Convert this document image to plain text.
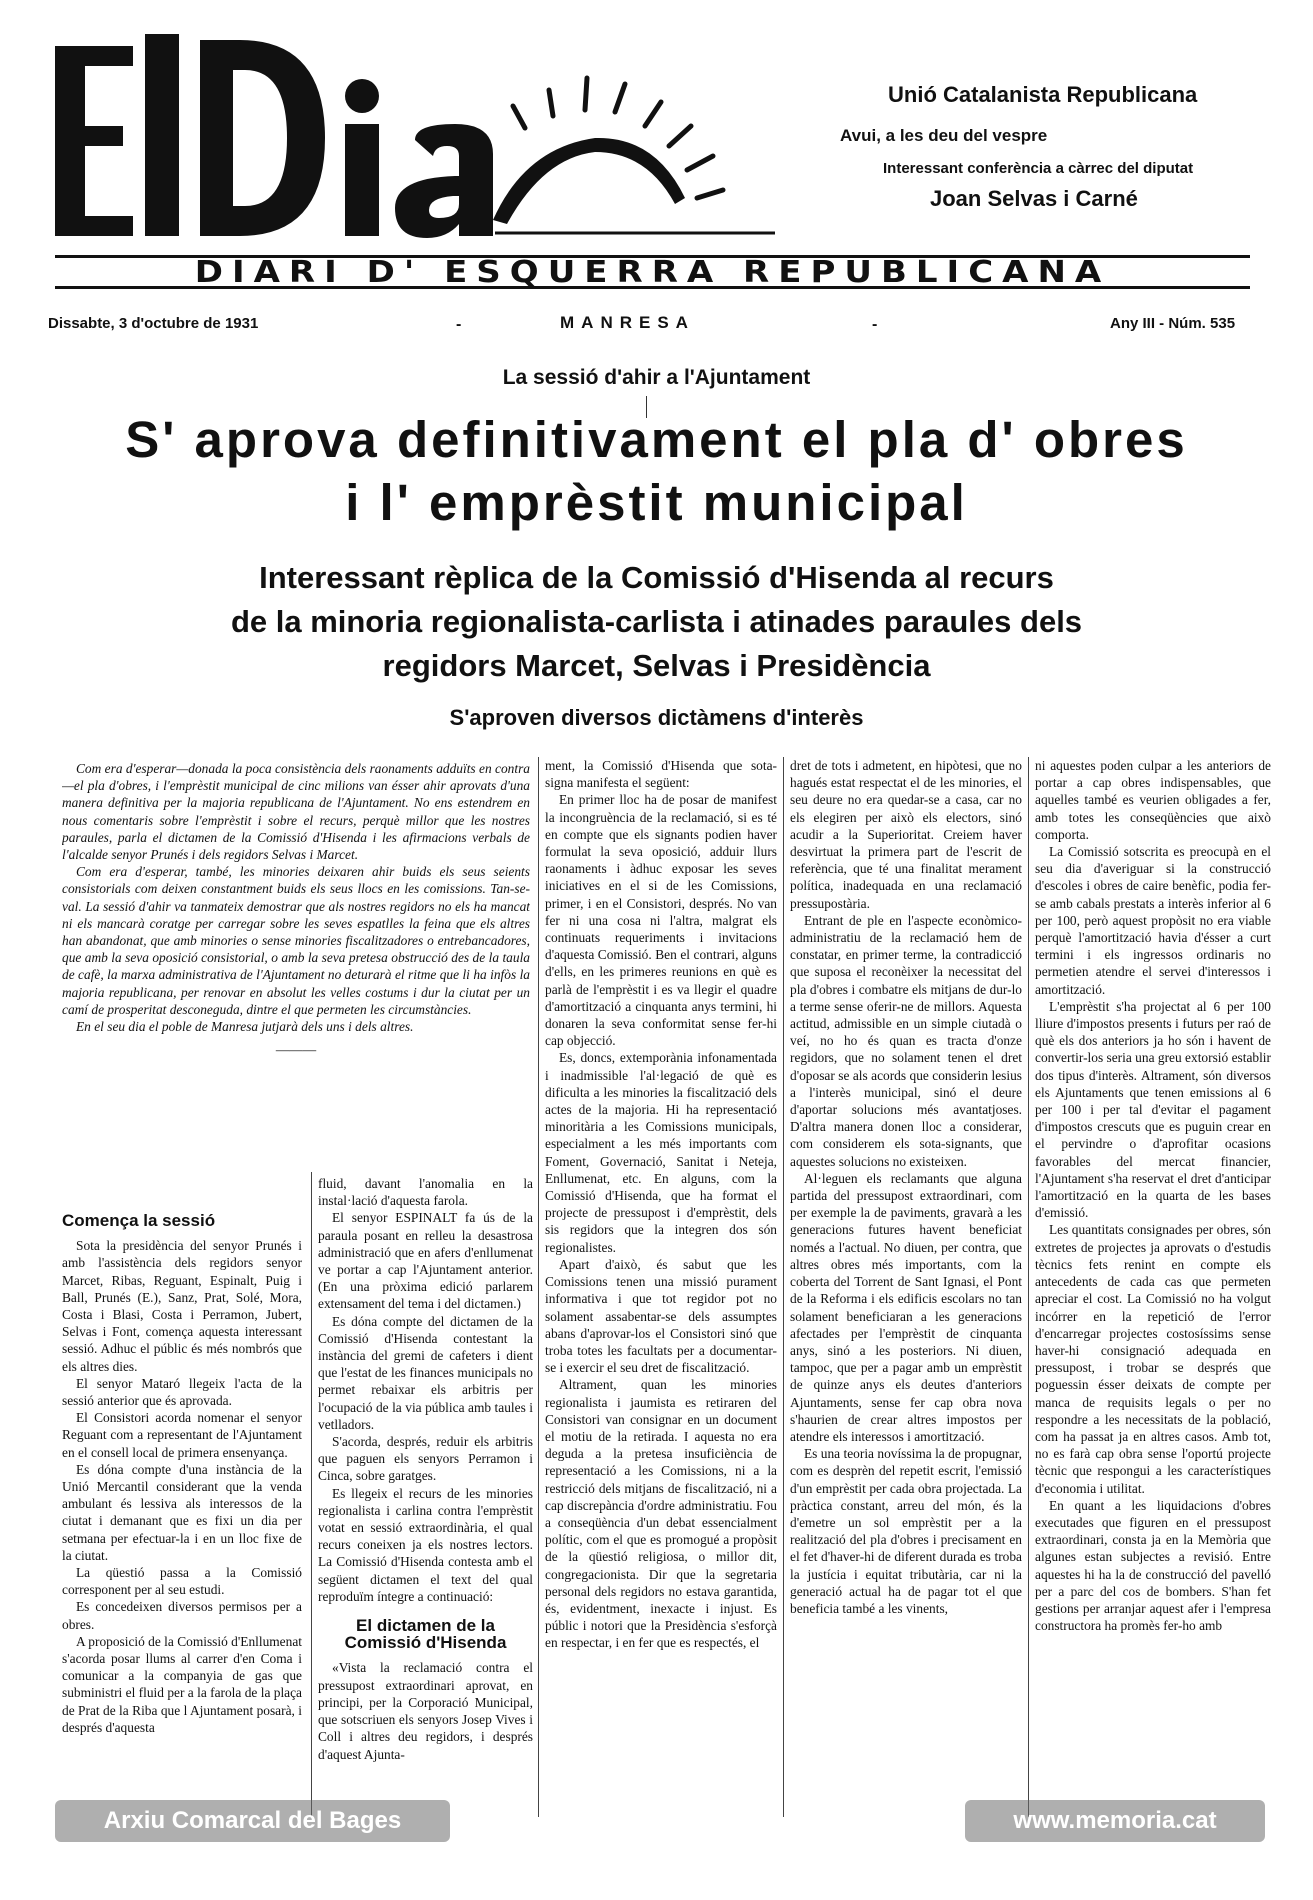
Unió Catalanista Republicana
Avui, a les deu del vespre
Interessant conferència a càrrec del diputat
Joan Selvas i Carné
DIARI D' ESQUERRA REPUBLICANA
Dissabte, 3 d'octubre de 1931	-	MANRESA	-	Any III - Núm. 535
La sessió d'ahir a l'Ajuntament
S' aprova definitivament el pla d' obres
i l' emprèstit municipal
Interessant rèplica de la Comissió d'Hisenda al recurs
de la minoria regionalista-carlista i atinades paraules dels
regidors Marcet, Selvas i Presidència
S'aproven diversos dictàmens d'interès

Com era d'esperar—donada la poca consistència dels raonaments adduïts en contra—el pla d'obres, i l'emprèstit municipal de cinc milions van ésser ahir aprovats d'una manera definitiva per la majoria republicana de l'Ajuntament. No ens estendrem en nous comentaris sobre l'emprèstit i sobre el recurs, perquè millor que les nostres paraules, parla el dictamen de la Comissió d'Hisenda i les afirmacions verbals de l'alcalde senyor Prunés i dels regidors Selvas i Marcet.

Com era d'esperar, també, les minories deixaren ahir buids els seus seients consistorials com deixen constantment buids els seus llocs en les comissions. Tan-se-val. La sessió d'ahir va tanmateix demostrar que als nostres regidors no els ha mancat ni els mancarà coratge per carregar sobre les seves espatlles la feina que els altres han abandonat, que amb minories o sense minories fiscalitzadores o entrebancadores, que amb la seva oposició consistorial, o amb la seva pretesa obstrucció des de la taula de cafè, la marxa administrativa de l'Ajuntament no deturarà el ritme que li ha infòs la majoria republicana, per renovar en absolut les velles costums i dur la ciutat per un camí de prosperitat desconeguda, dintre el que permeten les circumstàncies.

En el seu dia el poble de Manresa jutjarà dels uns i dels altres.

———
Comença la sessió

Sota la presidència del senyor Prunés i amb l'assistència dels regidors senyor Marcet, Ribas, Reguant, Espinalt, Puig i Ball, Prunés (E.), Sanz, Prat, Solé, Mora, Costa i Blasi, Costa i Perramon, Jubert, Selvas i Font, comença aquesta interessant sessió. Adhuc el públic és més nombrós que els altres dies.

El senyor Mataró llegeix l'acta de la sessió anterior que és aprovada.

El Consistori acorda nomenar el senyor Reguant com a representant de l'Ajuntament en el consell local de primera ensenyança.

Es dóna compte d'una instància de la Unió Mercantil considerant que la venda ambulant és lessiva als interessos de la ciutat i demanant que es fixi un dia per setmana per efectuar-la i en un lloc fixe de la ciutat.

La qüestió passa a la Comissió corresponent per al seu estudi.

Es concedeixen diversos permisos per a obres.

A proposició de la Comissió d'Enllumenat s'acorda posar llums al carrer d'en Coma i comunicar a la companyia de gas que subministri el fluid per a la farola de la plaça de Prat de la Riba que l Ajuntament posarà, i després d'aquesta

fluid, davant l'anomalia en la instal·lació d'aquesta farola.

El senyor ESPINALT fa ús de la paraula posant en relleu la desastrosa administració que en afers d'enllumenat ve portar a cap l'Ajuntament anterior. (En una pròxima edició parlarem extensament del tema i del dictamen.)

Es dóna compte del dictamen de la Comissió d'Hisenda contestant la instància del gremi de cafeters i dient que l'estat de les finances municipals no permet rebaixar els arbitris per l'ocupació de la via pública amb taules i vetlladors.

S'acorda, després, reduir els arbitris que paguen els senyors Perramon i Cinca, sobre garatges.

Es llegeix el recurs de les minories regionalista i carlina contra l'emprèstit votat en sessió extraordinària, el qual recurs coneixen ja els nostres lectors. La Comissió d'Hisenda contesta amb el següent dictamen el text del qual reproduïm íntegre a continuació:

El dictamen de la Comissió d'Hisenda

«Vista la reclamació contra el pressupost extraordinari aprovat, en principi, per la Corporació Municipal, que sotscriuen els senyors Josep Vives i Coll i altres deu regidors, i després d'aquest Ajunta-

ment, la Comissió d'Hisenda que sota-signa manifesta el següent:

En primer lloc ha de posar de manifest la incongruència de la reclamació, si es té en compte que els signants podien haver formulat la seva oposició, adduir llurs raonaments i àdhuc exposar les seves iniciatives en el si de les Comissions, primer, i en el Consistori, després. No van fer ni una cosa ni l'altra, malgrat els continuats requeriments i invitacions d'aquesta Comissió. Ben el contrari, alguns d'ells, en les primeres reunions en què es parlà de l'emprèstit i es va llegir el quadre d'amortització a cinquanta anys termini, hi donaren la seva conformitat sense fer-hi cap objecció.

Es, doncs, extemporània infonamentada i inadmissible l'al·legació de què es dificulta a les minories la fiscalització dels actes de la majoria. Hi ha representació minoritària a les Comissions municipals, especialment a les més importants com Foment, Governació, Sanitat i Neteja, Enllumenat, etc. En alguns, com la Comissió d'Hisenda, que ha format el projecte de pressupost i d'emprèstit, dels sis regidors que la integren dos són regionalistes.

Apart d'això, és sabut que les Comissions tenen una missió purament informativa i que tot regidor pot no solament assabentar-se dels assumptes abans d'aprovar-los el Consistori sinó que troba totes les facultats per a documentar-se i exercir el seu dret de fiscalització.

Altrament, quan les minories regionalista i jaumista es retiraren del Consistori van consignar en un document el motiu de la retirada. I aquesta no era deguda a la pretesa insuficiència de representació a les Comissions, ni a la restricció dels mitjans de fiscalització, ni a cap discrepància d'ordre administratiu. Fou a conseqüència d'un debat essencialment polític, com el que es promogué a propòsit de la qüestió religiosa, o millor dit, congregacionista. Dir que la segretaria personal dels regidors no estava garantida, és, evidentment, inexacte i injust. Es públic i notori que la Presidència s'esforçà en respectar, i en fer que es respectés, el

dret de tots i admetent, en hipòtesi, que no hagués estat respectat el de les minories, el seu deure no era quedar-se a casa, car no els elegiren per això els electors, sinó acudir a la Superioritat. Creiem haver desvirtuat la primera part de l'escrit de referència, que té una finalitat merament política, inadequada en una reclamació pressupostària.

Entrant de ple en l'aspecte econòmico-administratiu de la reclamació hem de constatar, en primer terme, la contradicció que suposa el reconèixer la necessitat del pla d'obres i combatre els mitjans de dur-lo a terme sense oferir-ne de millors. Aquesta actitud, admissible en un simple ciutadà o veí, no ho és quan es tracta d'onze regidors, que no solament tenen el dret d'oposar se als acords que considerin lesius a l'interès municipal, sinó el deure d'aportar solucions més avantatjoses. D'altra manera donen lloc a considerar, com considerem els sota-signants, que aquestes solucions no existeixen.

Al·leguen els reclamants que alguna partida del pressupost extraordinari, com per exemple la de paviments, gravarà a les generacions futures havent beneficiat només a l'actual. No diuen, per contra, que altres obres més importants, com la coberta del Torrent de Sant Ignasi, el Pont de la Reforma i els edificis escolars no tan solament beneficiaran a les generacions afectades per l'emprèstit de cinquanta anys, sinó a les posteriors. Ni diuen, tampoc, que per a pagar amb un emprèstit de quinze anys els deutes d'anteriors Ajuntaments, sense fer cap obra nova s'haurien de crear altres impostos per atendre els interessos i amortització.

Es una teoria novíssima la de propugnar, com es desprèn del repetit escrit, l'emissió d'un emprèstit per cada obra projectada. La pràctica constant, arreu del món, és la d'emetre un sol emprèstit per a la realització del pla d'obres i precisament en el fet d'haver-hi de diferent durada es troba la justícia i equitat tributària, car ni la generació actual ha de pagar tot el que beneficia també a les vinents,

ni aquestes poden culpar a les anteriors de portar a cap obres indispensables, que aquelles també es veurien obligades a fer, amb totes les conseqüències que això comporta.

La Comissió sotscrita es preocupà en el seu dia d'averiguar si la construcció d'escoles i obres de caire benèfic, podia fer-se amb cabals prestats a interès inferior al 6 per 100, però aquest propòsit no era viable perquè l'amortització havia d'ésser a curt termini i els ingressos ordinaris no permetien atendre el servei d'interessos i amortització.

L'emprèstit s'ha projectat al 6 per 100 lliure d'impostos presents i futurs per raó de què els dos anteriors ja ho són i havent de convertir-los seria una greu extorsió establir dos tipus d'interès. Altrament, són diversos els Ajuntaments que tenen emissions al 6 per 100 i per tal d'evitar el pagament d'impostos crescuts que es puguin crear en el pervindre o d'aprofitar ocasions favorables del mercat financier, l'Ajuntament s'ha reservat el dret d'anticipar l'amortització en la quarta de les bases d'emissió.

Les quantitats consignades per obres, són extretes de projectes ja aprovats o d'estudis tècnics fets renint en compte els antecedents de cada cas que permeten apreciar el cost. La Comissió no ha volgut incórrer en la repetició de l'error d'encarregar projectes costosíssims sense haver-hi consignació adequada en pressupost, i trobar se després que poguessin ésser deixats de compte per manca de requisits legals o per no respondre a les necessitats de la població, com ha passat ja en altres casos. Amb tot, no es farà cap obra sense l'oportú projecte tècnic que respongui a les característiques d'economia i utilitat.

En quant a les liquidacions d'obres executades que figuren en el pressupost extraordinari, consta ja en la Memòria que algunes estan subjectes a revisió. Entre aquestes hi ha la de construcció del pavelló per a parc del cos de bombers. S'han fet gestions per arranjar aquest afer i l'empresa constructora ha promès fer-ho amb

Arxiu Comarcal del Bages	www.memoria.cat
